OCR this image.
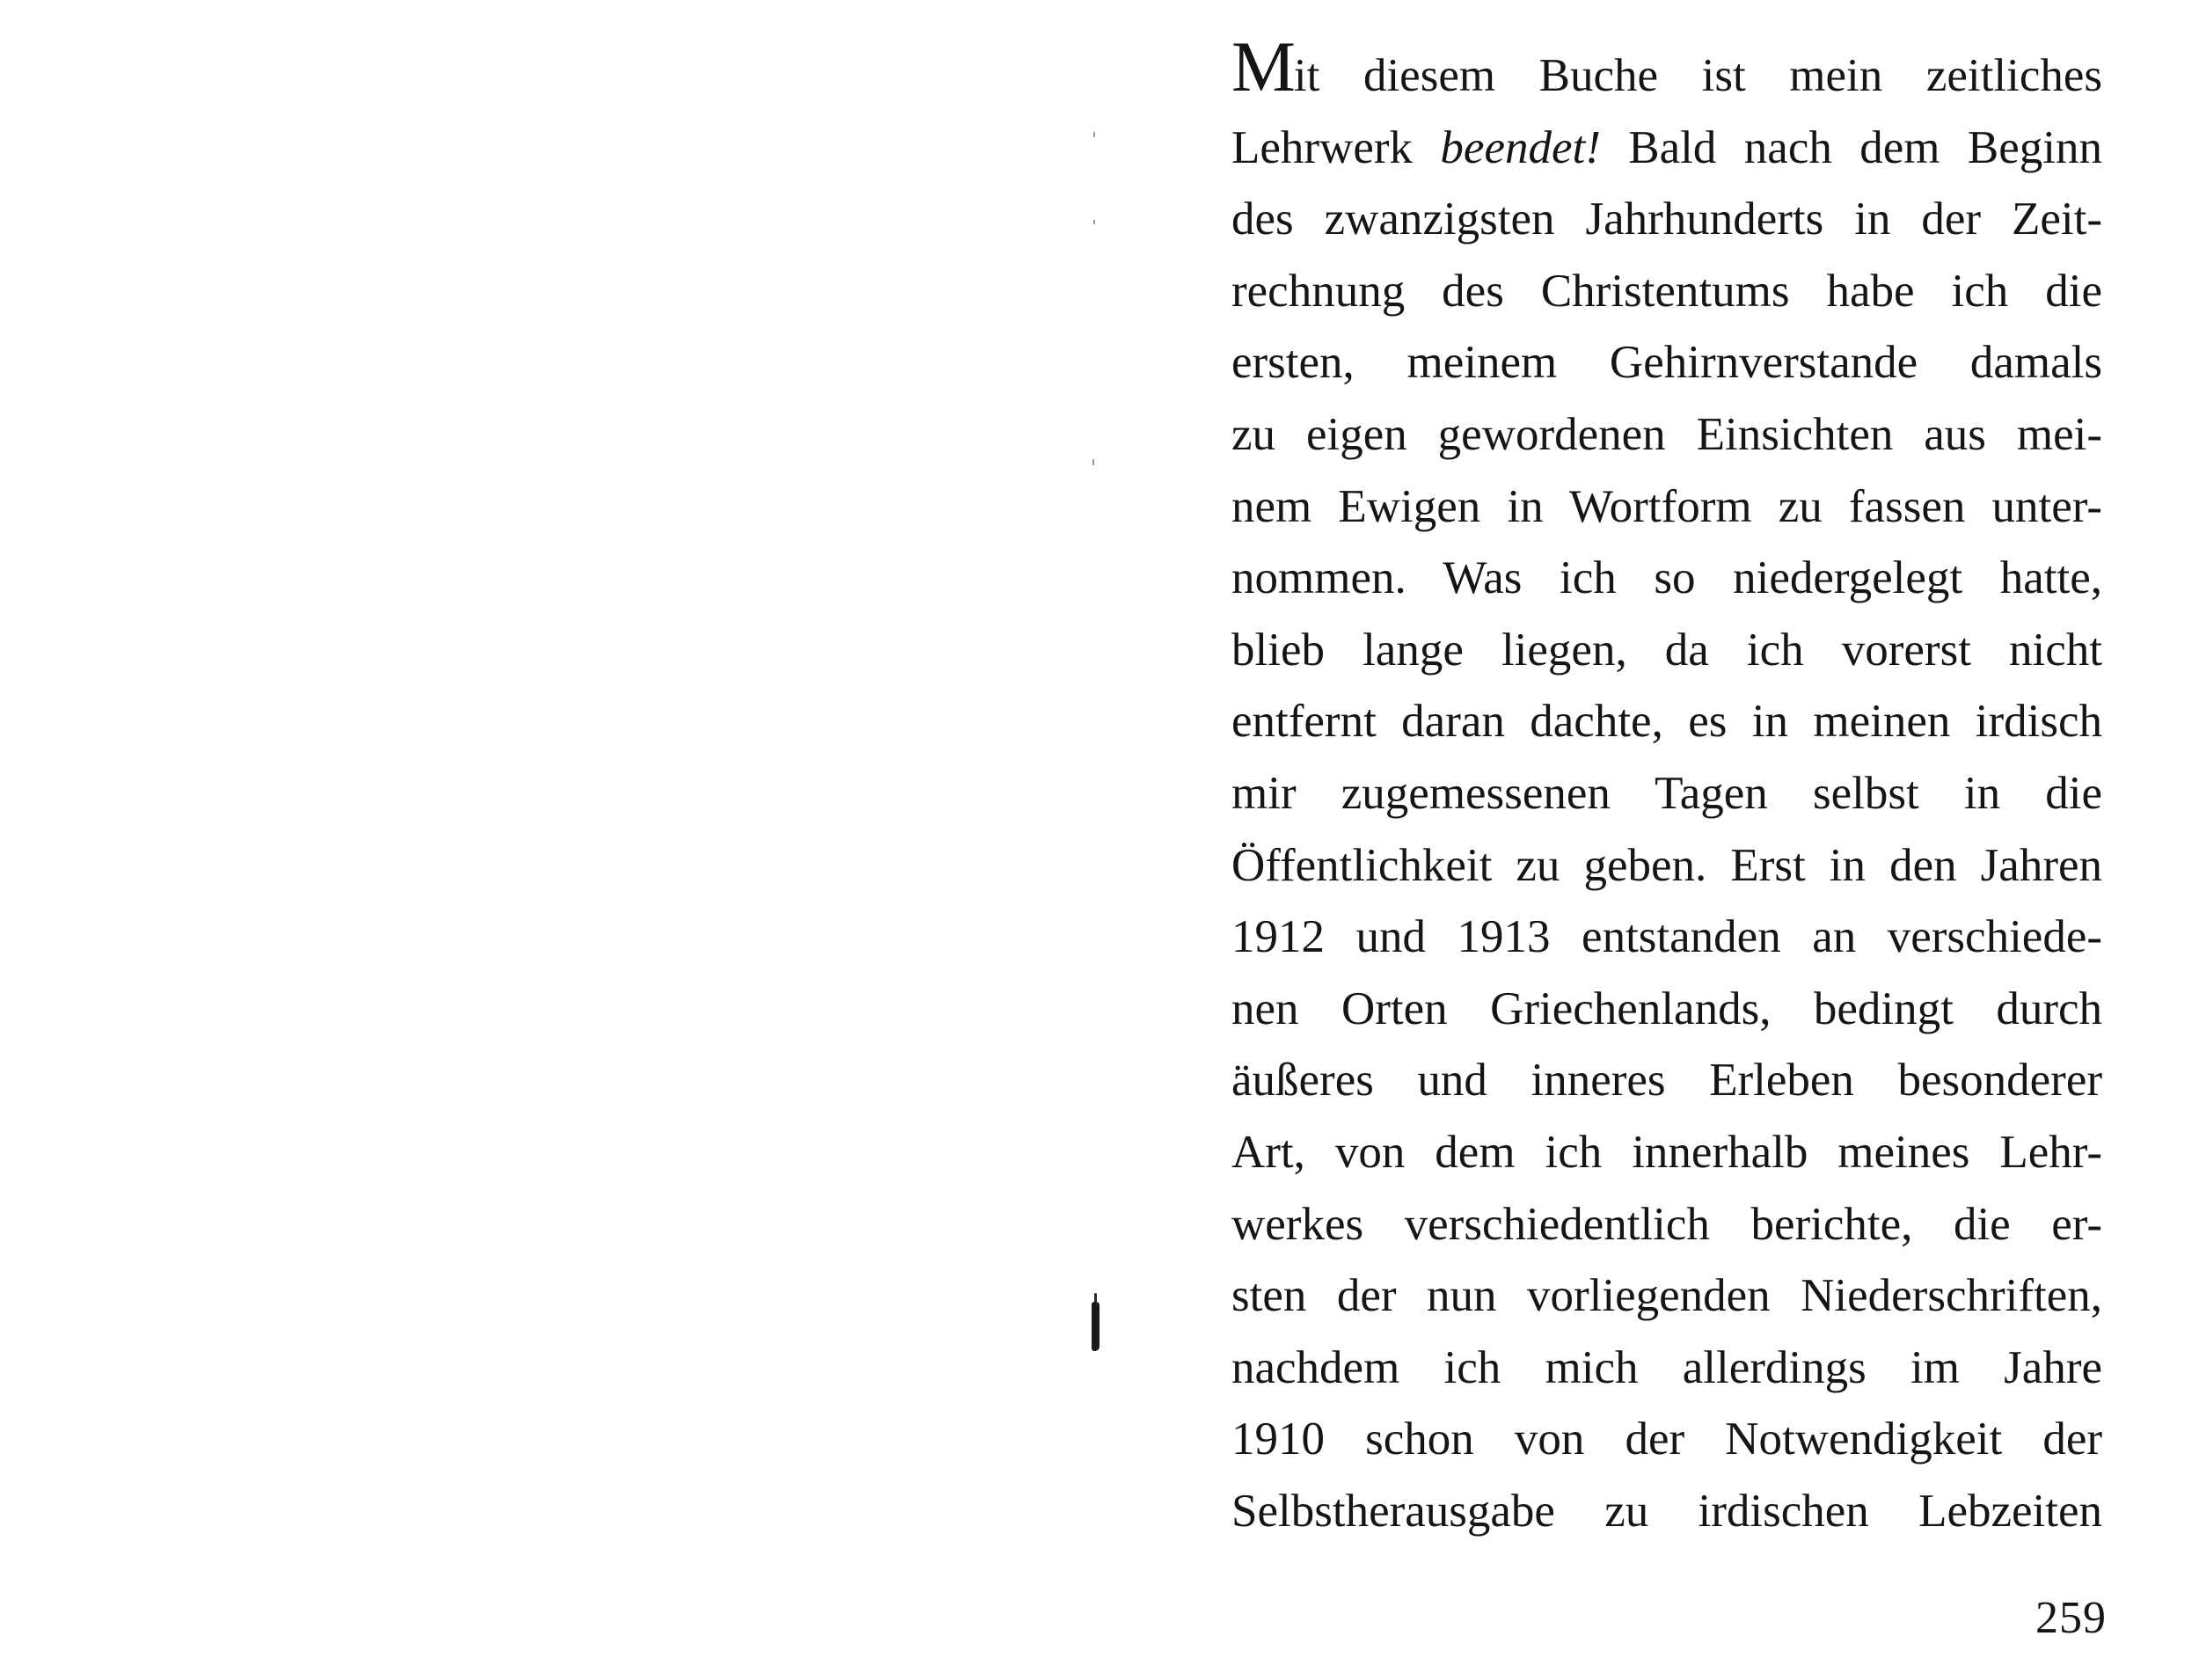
Mit diesem Buche ist mein zeitliches
Lehrwerk beendet! Bald nach dem Beginn
des zwanzigsten Jahrhunderts in der Zeit-
rechnung des Christentums habe ich die
ersten, meinem Gehirnverstande damals
zu eigen gewordenen Einsichten aus mei-
nem Ewigen in Wortform zu fassen unter-
nommen. Was ich so niedergelegt hatte,
blieb lange liegen, da ich vorerst nicht
entfernt daran dachte, es in meinen irdisch
mir zugemessenen Tagen selbst in die
Öffentlichkeit zu geben. Erst in den Jahren
1912 und 1913 entstanden an verschiede-
nen Orten Griechenlands, bedingt durch
äußeres und inneres Erleben besonderer
Art, von dem ich innerhalb meines Lehr-
werkes verschiedentlich berichte, die er-
sten der nun vorliegenden Niederschriften,
nachdem ich mich allerdings im Jahre
1910 schon von der Notwendigkeit der
Selbstherausgabe zu irdischen Lebzeiten
259
